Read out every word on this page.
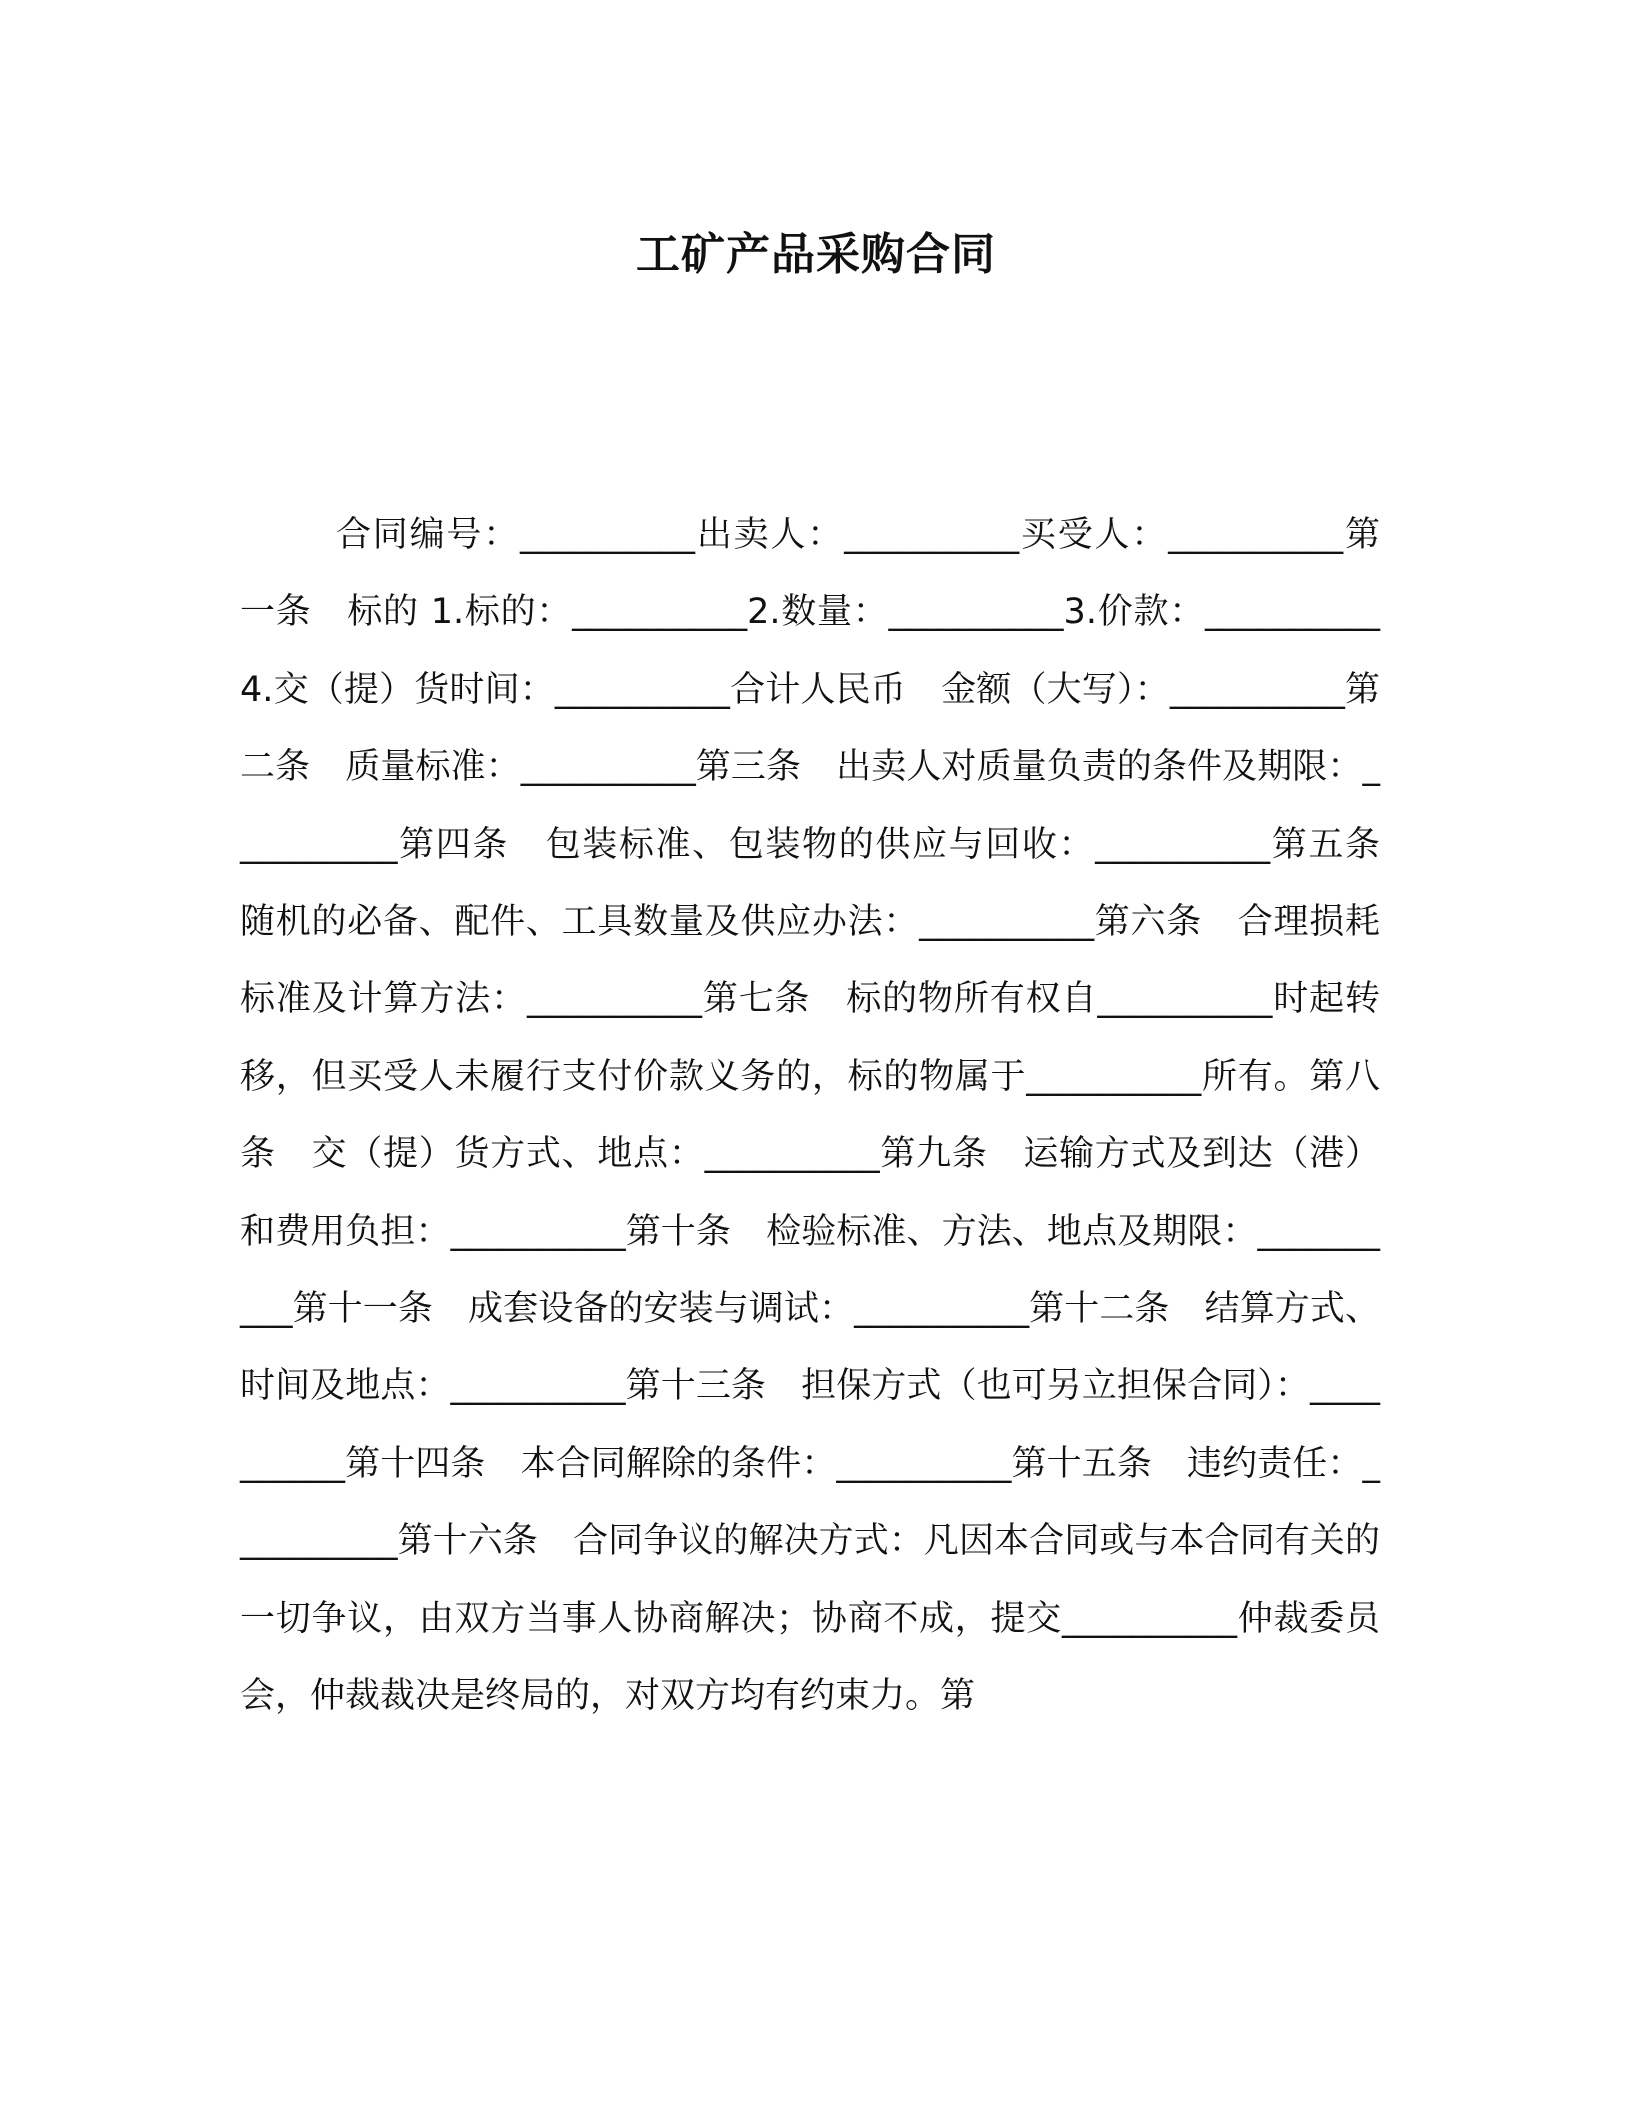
工矿产品采购合同

合同编号：__________出卖人：__________买受人：__________第一条　标的 1.标的：__________2.数量：__________3.价款：__________4.交（提）货时间：__________合计人民币　金额（大写）：__________第二条　质量标准：__________第三条　出卖人对质量负责的条件及期限：__________第四条　包装标准、包装物的供应与回收：__________第五条　随机的必备、配件、工具数量及供应办法：__________第六条　合理损耗标准及计算方法：__________第七条　标的物所有权自__________时起转移，但买受人未履行支付价款义务的，标的物属于__________所有。第八条　交（提）货方式、地点：__________第九条　运输方式及到达（港）和费用负担：__________第十条　检验标准、方法、地点及期限：__________第十一条　成套设备的安装与调试：__________第十二条　结算方式、时间及地点：__________第十三条　担保方式（也可另立担保合同）：__________第十四条　本合同解除的条件：__________第十五条　违约责任：__________第十六条　合同争议的解决方式：凡因本合同或与本合同有关的一切争议，由双方当事人协商解决；协商不成，提交__________仲裁委员会，仲裁裁决是终局的，对双方均有约束力。第
